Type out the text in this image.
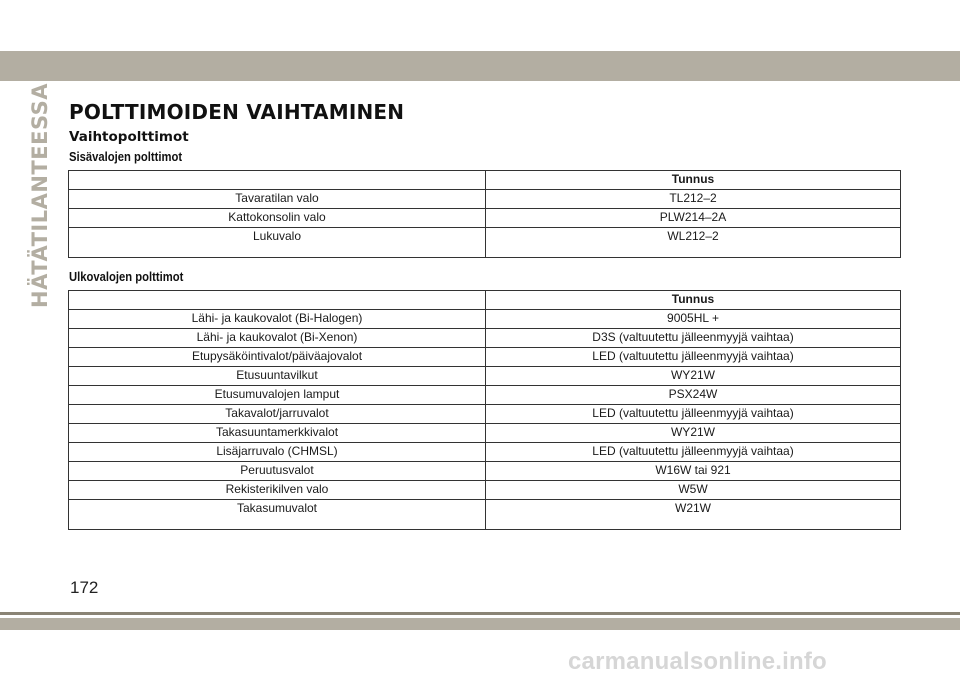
HÄTÄTILANTEESSA POLTTIMOIDEN VAIHTAMINEN
Vaihtopolttimot
Sisävalojen polttimot
	Tunnus
Tavaratilan valo	TL212–2
Kattokonsolin valo	PLW214–2A
Lukuvalo	WL212–2
Ulkovalojen polttimot
	Tunnus
Lähi- ja kaukovalot (Bi-Halogen)	9005HL +
Lähi- ja kaukovalot (Bi-Xenon)	D3S (valtuutettu jälleenmyyjä vaihtaa)
Etupysäköintivalot/päiväajovalot	LED (valtuutettu jälleenmyyjä vaihtaa)
Etusuuntavilkut	WY21W
Etusumuvalojen lamput	PSX24W
Takavalot/jarruvalot	LED (valtuutettu jälleenmyyjä vaihtaa)
Takasuuntamerkkivalot	WY21W
Lisäjarruvalo (CHMSL)	LED (valtuutettu jälleenmyyjä vaihtaa)
Peruutusvalot	W16W tai 921
Rekisterikilven valo	W5W
Takasumuvalot	W21W
172
carmanualsonline.info
